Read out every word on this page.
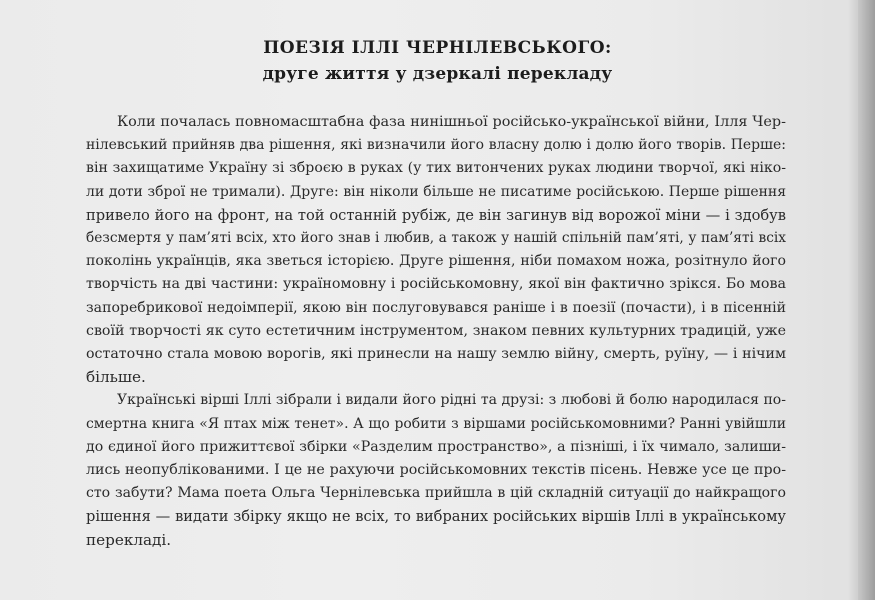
ПОЕЗІЯ ІЛЛІ ЧЕРНІЛЕВСЬКОГО:
друге життя у дзеркалі перекладу
Коли почалась повномасштабна фаза нинішньої російсько-української війни, Ілля Чер-
нілевський прийняв два рішення, які визначили його власну долю і долю його творів. Перше:
він захищатиме Україну зі зброєю в руках (у тих витончених руках людини творчої, які ніко-
ли доти зброї не тримали). Друге: він ніколи більше не писатиме російською. Перше рішення
привело його на фронт, на той останній рубіж, де він загинув від ворожої міни — і здобув
безсмертя у пам’яті всіх, хто його знав і любив, а також у нашій спільній пам’яті, у пам’яті всіх
поколінь українців, яка зветься історією. Друге рішення, ніби помахом ножа, розітнуло його
творчість на дві частини: україномовну і російськомовну, якої він фактично зрікся. Бо мова
запоребрикової недоімперії, якою він послуговувався раніше і в поезії (почасти), і в пісенній
своїй творчості як суто естетичним інструментом, знаком певних культурних традицій, уже
остаточно стала мовою ворогів, які принесли на нашу землю війну, смерть, руїну, — і нічим
більше.
Українські вірші Іллі зібрали і видали його рідні та друзі: з любові й болю народилася по-
смертна книга «Я птах між тенет». А що робити з віршами російськомовними? Ранні увійшли
до єдиної його прижиттєвої збірки «Разделим пространство», а пізніші, і їх чимало, залиши-
лись неопублікованими. І це не рахуючи російськомовних текстів пісень. Невже усе це про-
сто забути? Мама поета Ольга Чернілевська прийшла в цій складній ситуації до найкращого
рішення — видати збірку якщо не всіх, то вибраних російських віршів Іллі в українському
перекладі.
